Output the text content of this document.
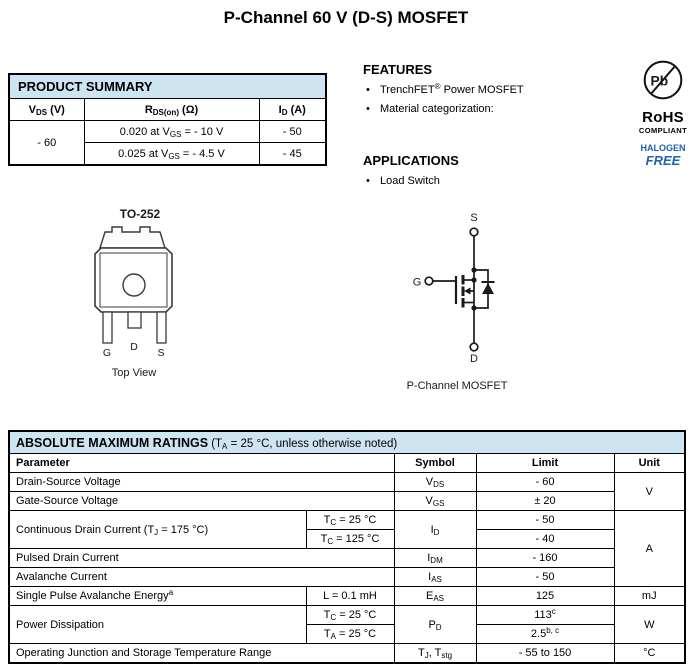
P-Channel 60 V (D-S) MOSFET
PRODUCT SUMMARY		
$V_{DS}$ (V)	$R_{DS(on)}$ (Ω)	$I_D$ (A)
- 60	0.020 at $V_{GS}$ = - 10 V	- 50
	0.025 at $V_{GS}$ = - 4.5 V	- 45
FEATURES
• TrenchFET® Power MOSFET
• Material categorization:
APPLICATIONS
• Load Switch
Pb
RoHS
COMPLIANT
HALOGEN
FREE
TO-252
G D S
Top View
S
G
D
P-Channel MOSFET
ABSOLUTE MAXIMUM RATINGS ($T_A = 25$ °C, unless otherwise noted)				
Parameter		Symbol	Limit	Unit
Drain-Source Voltage		$V_{DS}$	- 60	V
Gate-Source Voltage		$V_{GS}$	± 20	
Continuous Drain Current ($T_J = 175$ °C)	$T_C = 25$ °C	$I_D$	- 50	A
	$T_C = 125$ °C		- 40	
Pulsed Drain Current		$I_{DM}$	- 160	
Avalanche Current		$I_{AS}$	- 50	
Single Pulse Avalanche Energy$^a$	L = 0.1 mH	$E_{AS}$	125	mJ
Power Dissipation	$T_C = 25$ °C	$P_D$	113$^c$	W
	$T_A = 25$ °C		2.5$^{b, c}$
Operating Junction and Storage Temperature Range		$T_J$, $T_{stg}$	- 55 to 150	°C
